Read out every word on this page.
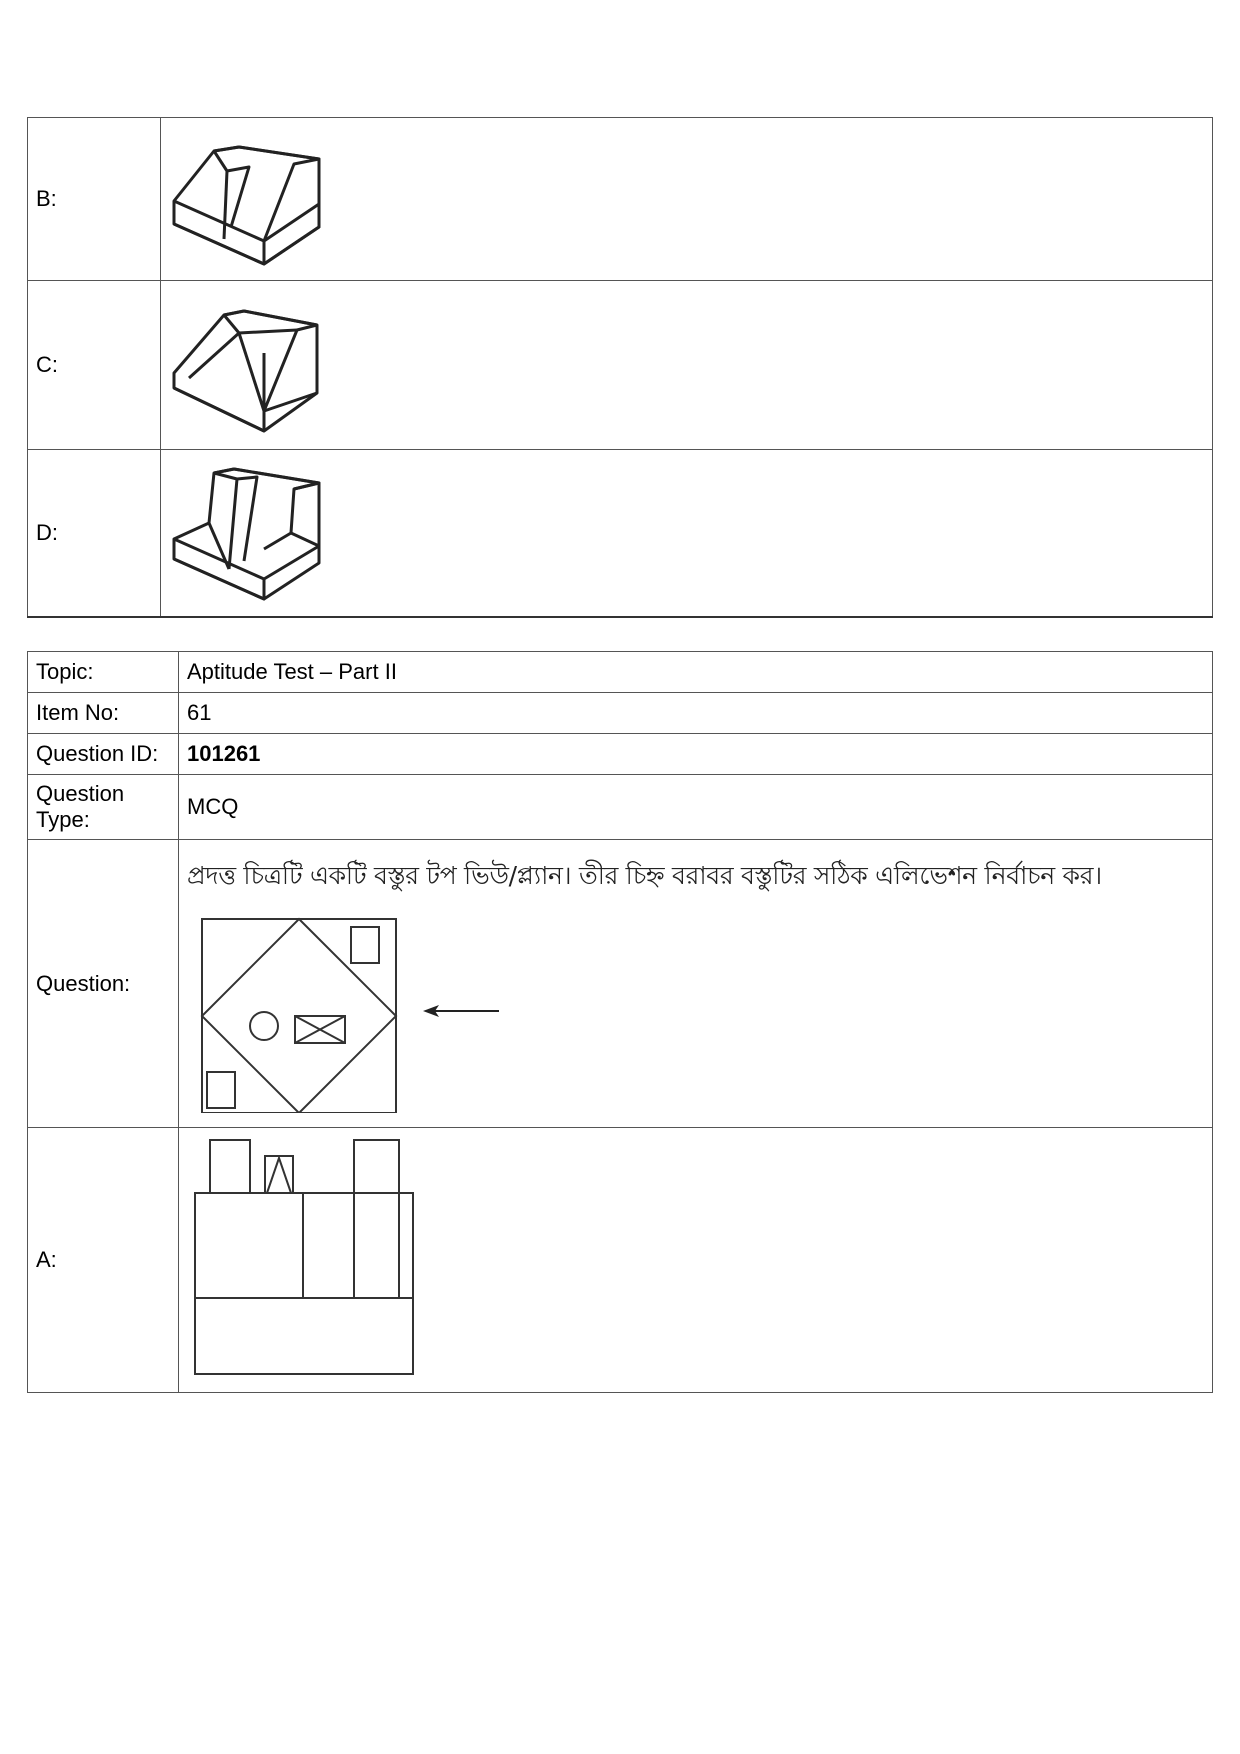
B:	

C:	

D:	
Topic:	Aptitude Test – Part II
Item No:	61
Question ID:	101261
Question Type:	MCQ
Question:	প্রদত্ত চিত্রটি একটি বস্তুর টপ ভিউ/প্ল্যান। তীর চিহ্ন বরাবর বস্তুটির সঠিক এলিভেশন নির্বাচন কর।

A:	
